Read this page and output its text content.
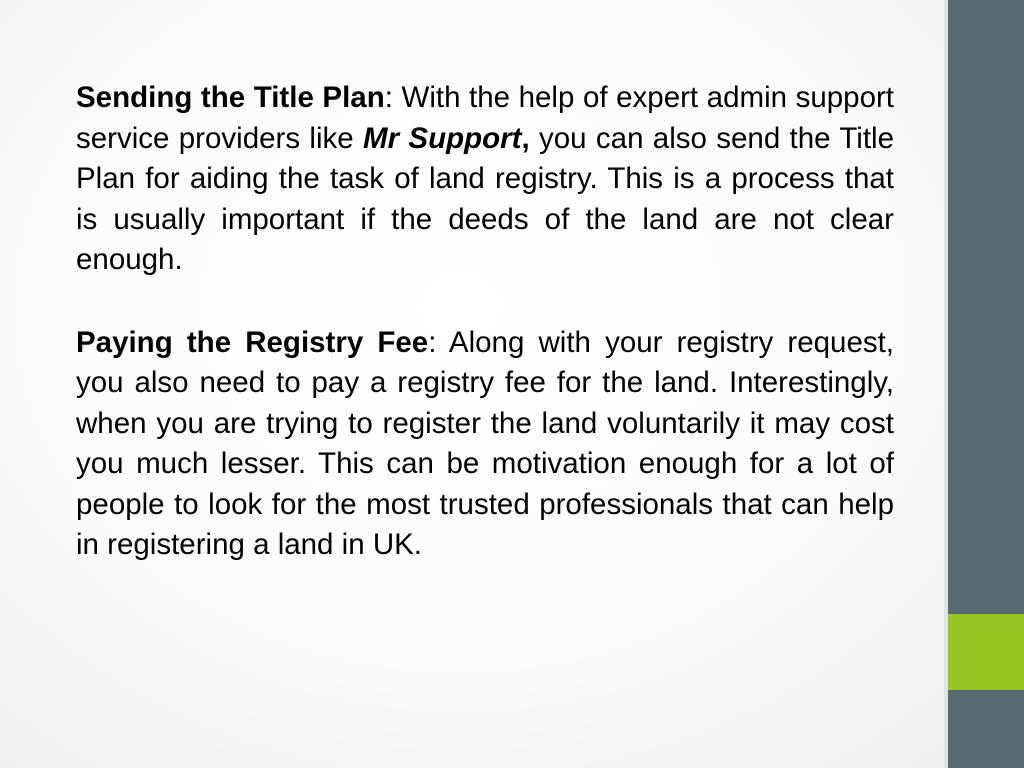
Sending the Title Plan: With the help of expert admin support service providers like Mr Support, you can also send the Title Plan for aiding the task of land registry. This is a process that is usually important if the deeds of the land are not clear enough.

Paying the Registry Fee: Along with your registry request, you also need to pay a registry fee for the land. Interestingly, when you are trying to register the land voluntarily it may cost you much lesser. This can be motivation enough for a lot of people to look for the most trusted professionals that can help in registering a land in UK.
